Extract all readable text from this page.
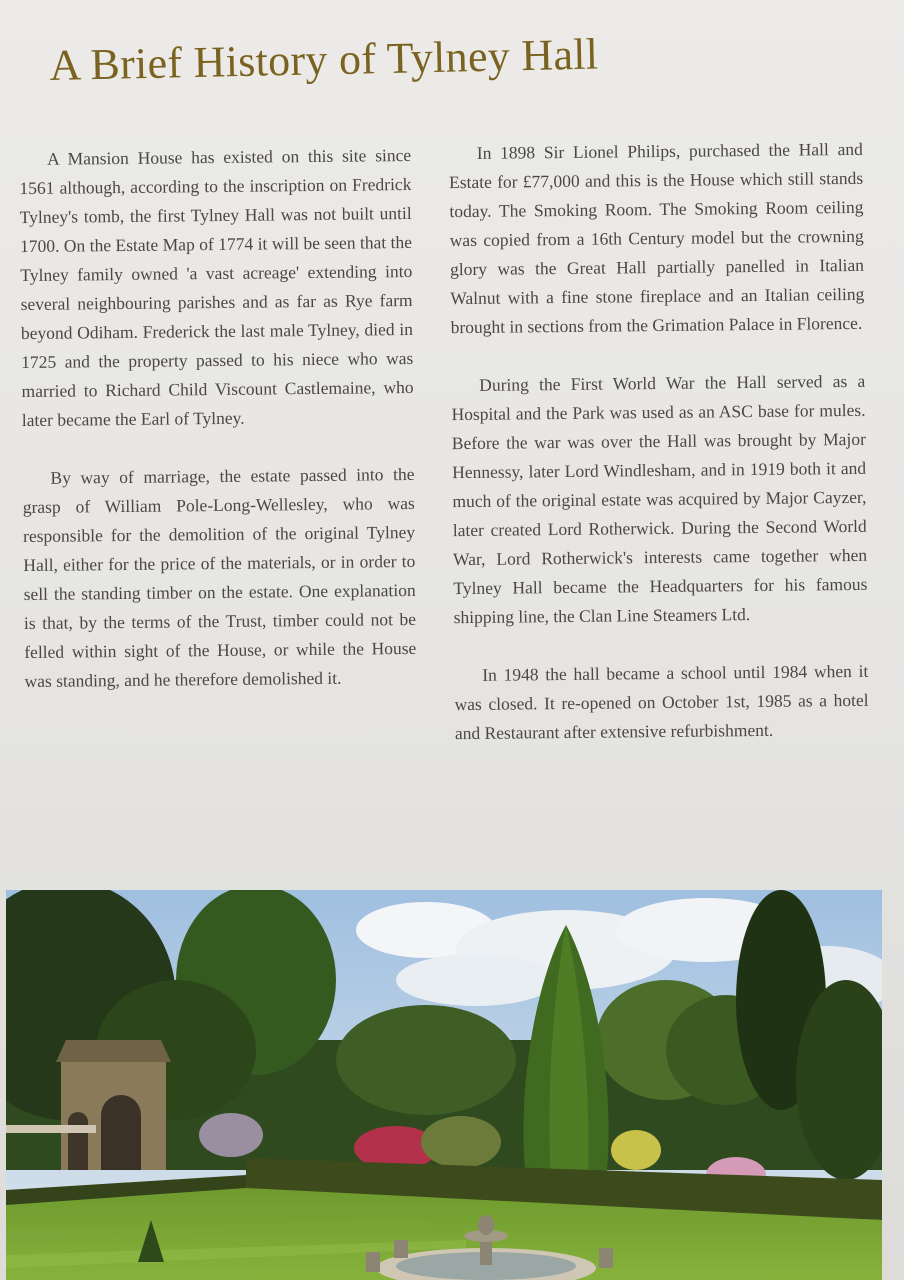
A Brief History of Tylney Hall

A Mansion House has existed on this site since 1561 although, according to the inscription on Fredrick Tylney's tomb, the first Tylney Hall was not built until 1700. On the Estate Map of 1774 it will be seen that the Tylney family owned 'a vast acreage' extending into several neighbouring parishes and as far as Rye farm beyond Odiham. Frederick the last male Tylney, died in 1725 and the property passed to his niece who was married to Richard Child Viscount Castlemaine, who later became the Earl of Tylney.

By way of marriage, the estate passed into the grasp of William Pole-Long-Wellesley, who was responsible for the demolition of the original Tylney Hall, either for the price of the materials, or in order to sell the standing timber on the estate. One explanation is that, by the terms of the Trust, timber could not be felled within sight of the House, or while the House was standing, and he therefore demolished it.

In 1898 Sir Lionel Philips, purchased the Hall and Estate for £77,000 and this is the House which still stands today. The Smoking Room. The Smoking Room ceiling was copied from a 16th Century model but the crowning glory was the Great Hall partially panelled in Italian Walnut with a fine stone fireplace and an Italian ceiling brought in sections from the Grimation Palace in Florence.

During the First World War the Hall served as a Hospital and the Park was used as an ASC base for mules. Before the war was over the Hall was brought by Major Hennessy, later Lord Windlesham, and in 1919 both it and much of the original estate was acquired by Major Cayzer, later created Lord Rotherwick. During the Second World War, Lord Rotherwick's interests came together when Tylney Hall became the Headquarters for his famous shipping line, the Clan Line Steamers Ltd.

In 1948 the hall became a school until 1984 when it was closed. It re-opened on October 1st, 1985 as a hotel and Restaurant after extensive refurbishment.
